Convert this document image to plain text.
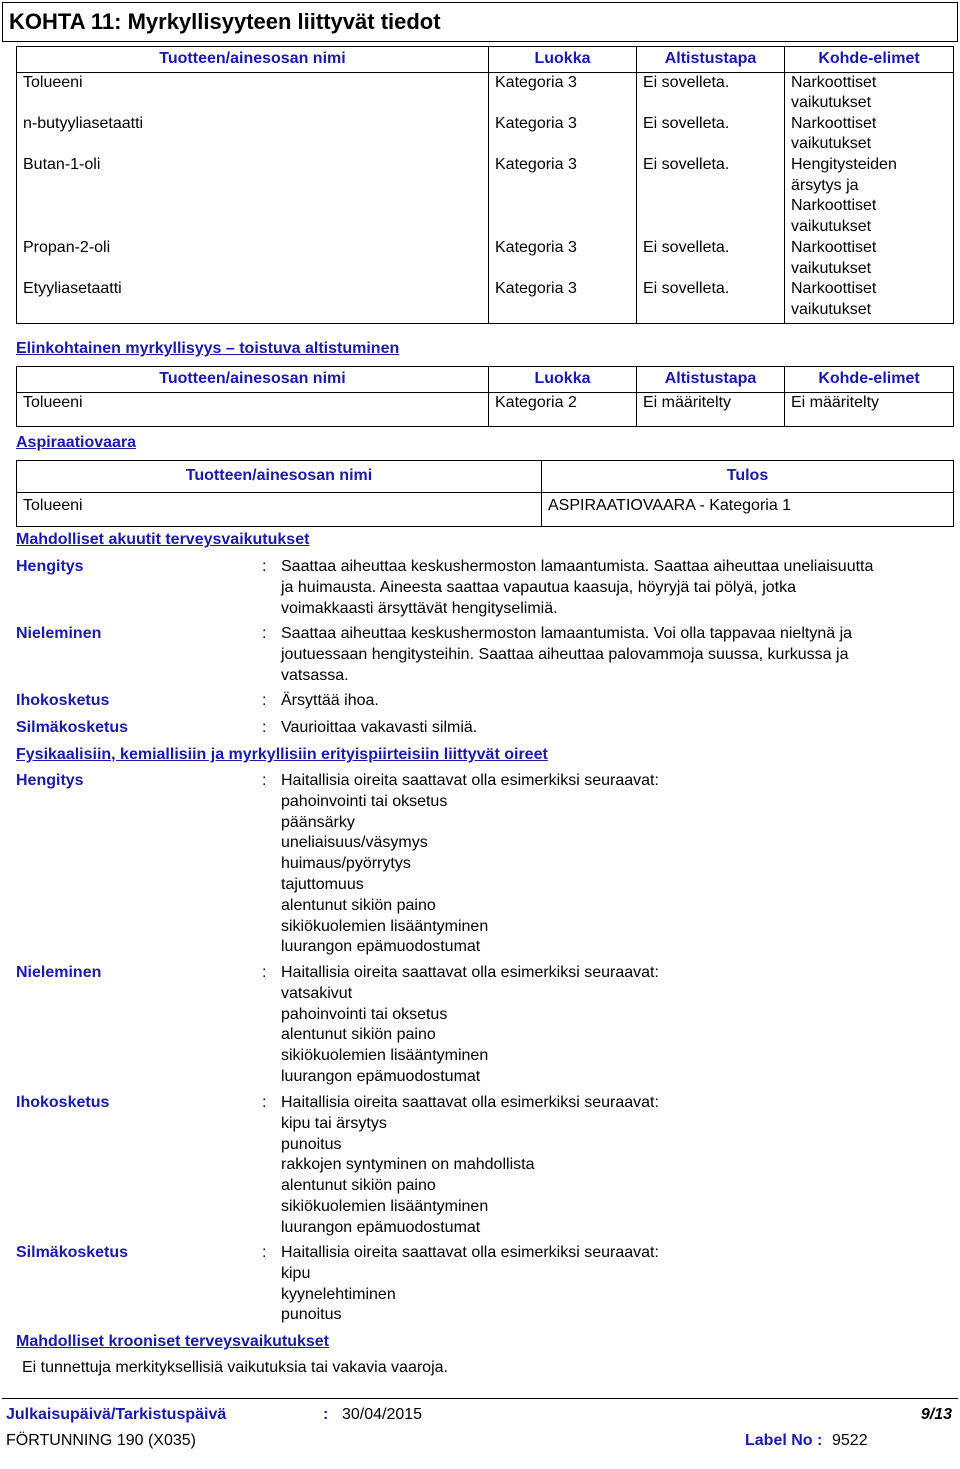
KOHTA 11: Myrkyllisyyteen liittyvät tiedot
Tuotteen/ainesosan nimi	Luokka	Altistustapa	Kohde-elimet
Tolueeni	Kategoria 3	Ei sovelleta.	Narkoottiset
vaikutukset

n-butyyliasetaatti	Kategoria 3	Ei sovelleta.	Narkoottiset
vaikutukset

Butan-1-oli	Kategoria 3	Ei sovelleta.	Hengitysteiden
ärsytys ja
Narkoottiset
vaikutukset

Propan-2-oli	Kategoria 3	Ei sovelleta.	Narkoottiset
vaikutukset

Etyyliasetaatti	Kategoria 3	Ei sovelleta.	Narkoottiset
vaikutukset
Elinkohtainen myrkyllisyys – toistuva altistuminen
Tuotteen/ainesosan nimi	Luokka	Altistustapa	Kohde-elimet
Tolueeni	Kategoria 2	Ei määritelty	Ei määritelty
Aspiraatiovaara
Tuotteen/ainesosan nimi	Tulos
Tolueeni	ASPIRAATIOVAARA - Kategoria 1
Mahdolliset akuutit terveysvaikutukset
Hengitys	: Saattaa aiheuttaa keskushermoston lamaantumista. Saattaa aiheuttaa uneliaisuutta
ja huimausta. Aineesta saattaa vapautua kaasuja, höyryjä tai pölyä, jotka
voimakkaasti ärsyttävät hengityselimiä.
Nieleminen	: Saattaa aiheuttaa keskushermoston lamaantumista. Voi olla tappavaa nieltynä ja
joutuessaan hengitysteihin. Saattaa aiheuttaa palovammoja suussa, kurkussa ja
vatsassa.
Ihokosketus	: Ärsyttää ihoa.
Silmäkosketus	: Vaurioittaa vakavasti silmiä.
Fysikaalisiin, kemiallisiin ja myrkyllisiin erityispiirteisiin liittyvät oireet
Hengitys	: Haitallisia oireita saattavat olla esimerkiksi seuraavat:
pahoinvointi tai oksetus
päänsärky
uneliaisuus/väsymys
huimaus/pyörrytys
tajuttomuus
alentunut sikiön paino
sikiökuolemien lisääntyminen
luurangon epämuodostumat
Nieleminen	: Haitallisia oireita saattavat olla esimerkiksi seuraavat:
vatsakivut
pahoinvointi tai oksetus
alentunut sikiön paino
sikiökuolemien lisääntyminen
luurangon epämuodostumat
Ihokosketus	: Haitallisia oireita saattavat olla esimerkiksi seuraavat:
kipu tai ärsytys
punoitus
rakkojen syntyminen on mahdollista
alentunut sikiön paino
sikiökuolemien lisääntyminen
luurangon epämuodostumat
Silmäkosketus	: Haitallisia oireita saattavat olla esimerkiksi seuraavat:
kipu
kyynelehtiminen
punoitus
Mahdolliset krooniset terveysvaikutukset
Ei tunnettuja merkityksellisiä vaikutuksia tai vakavia vaaroja.
Julkaisupäivä/Tarkistuspäivä	: 30/04/2015	9/13
FÖRTUNNING 190 (X035)	Label No : 9522
